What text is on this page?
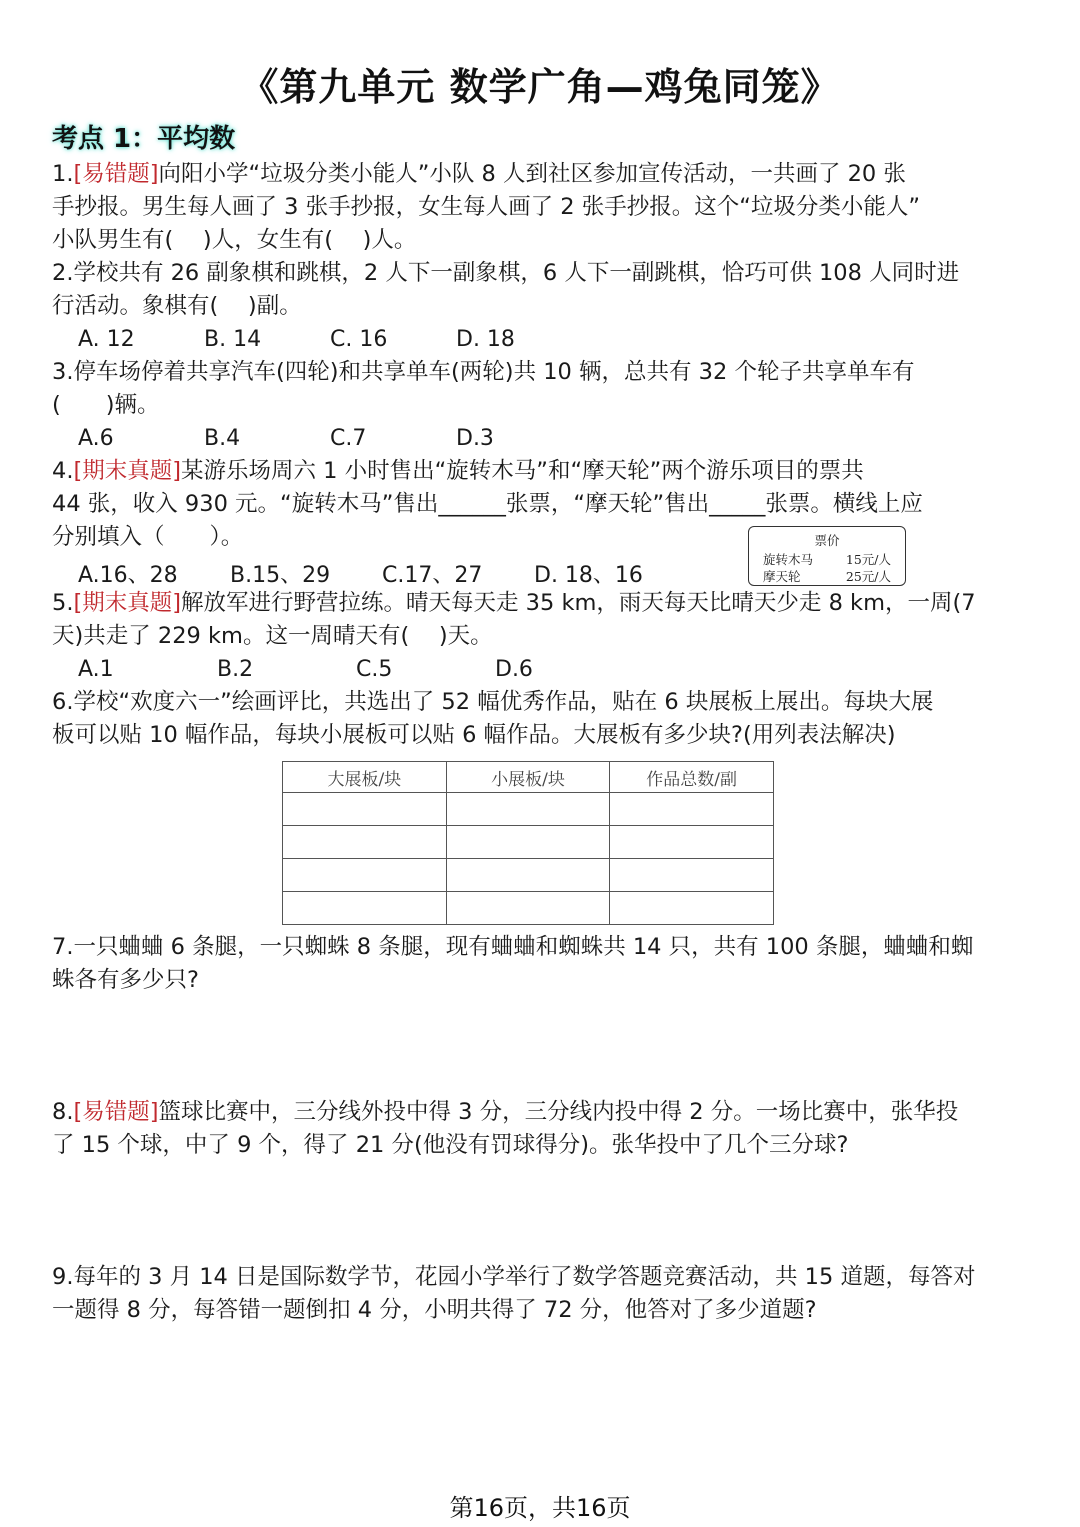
《第九单元 数学广角—鸡兔同笼》
考点 1：平均数
1.[易错题]向阳小学“垃圾分类小能人”小队 8 人到社区参加宣传活动，一共画了 20 张
手抄报。男生每人画了 3 张手抄报，女生每人画了 2 张手抄报。这个“垃圾分类小能人”
小队男生有(　 )人，女生有(　 )人。
2.学校共有 26 副象棋和跳棋，2 人下一副象棋，6 人下一副跳棋，恰巧可供 108 人同时进
行活动。象棋有(　 )副。
A. 12	B. 14	C. 16	D. 18
3.停车场停着共享汽车(四轮)和共享单车(两轮)共 10 辆，总共有 32 个轮子共享单车有
(　　)辆。
A.6	B.4	C.7	D.3
4.[期末真题]某游乐场周六 1 小时售出“旋转木马”和“摩天轮”两个游乐项目的票共
44 张，收入 930 元。“旋转木马”售出______张票，“摩天轮”售出_____张票。横线上应
分别填入（　　）。
A.16、28 B.15、29 C.17、27 D. 18、16
票价
旋转木马	15元/人
摩天轮	25元/人
5.[期末真题]解放军进行野营拉练。晴天每天走 35 km，雨天每天比晴天少走 8 km，一周(7
天)共走了 229 km。这一周晴天有(　 )天。
A.1	B.2	C.5	D.6
6.学校“欢度六一”绘画评比，共选出了 52 幅优秀作品，贴在 6 块展板上展出。每块大展
板可以贴 10 幅作品，每块小展板可以贴 6 幅作品。大展板有多少块?(用列表法解决)
大展板/块	小展板/块	作品总数/副

7.一只蛐蛐 6 条腿，一只蜘蛛 8 条腿，现有蛐蛐和蜘蛛共 14 只，共有 100 条腿，蛐蛐和蜘
蛛各有多少只?
8.[易错题]篮球比赛中，三分线外投中得 3 分，三分线内投中得 2 分。一场比赛中，张华投
了 15 个球，中了 9 个，得了 21 分(他没有罚球得分)。张华投中了几个三分球?
9.每年的 3 月 14 日是国际数学节，花园小学举行了数学答题竞赛活动，共 15 道题，每答对
一题得 8 分，每答错一题倒扣 4 分，小明共得了 72 分，他答对了多少道题?
第16页，共16页
